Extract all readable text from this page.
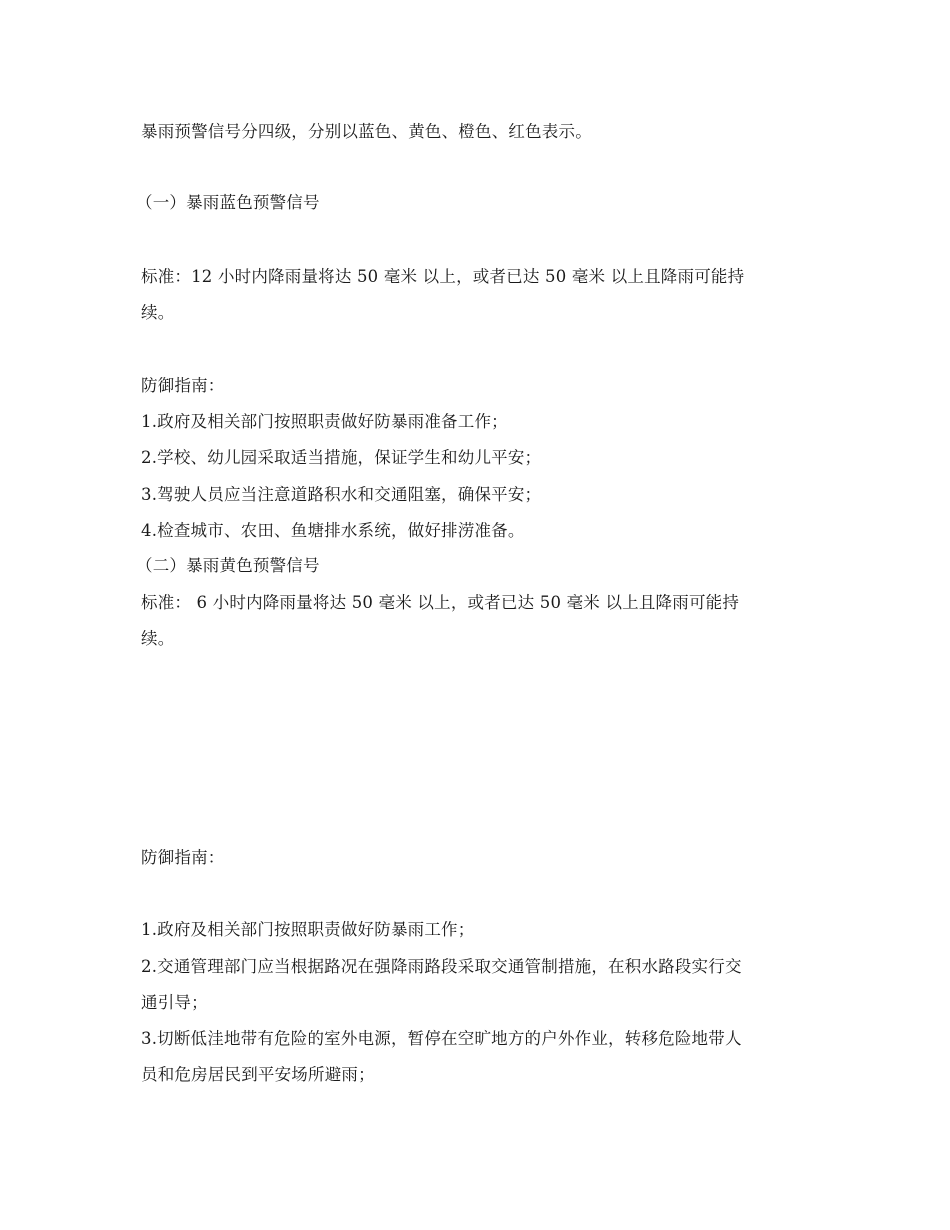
暴雨预警信号分四级，分别以蓝色、黄色、橙色、红色表示。
（一）暴雨蓝色预警信号
标准：12 小时内降雨量将达 50 毫米 以上，或者已达 50 毫米 以上且降雨可能持
续。
防御指南：
1.政府及相关部门按照职责做好防暴雨准备工作；
2.学校、幼儿园采取适当措施，保证学生和幼儿平安；
3.驾驶人员应当注意道路积水和交通阻塞，确保平安；
4.检查城市、农田、鱼塘排水系统，做好排涝准备。
（二）暴雨黄色预警信号
标准： 6 小时内降雨量将达 50 毫米 以上，或者已达 50 毫米 以上且降雨可能持
续。
防御指南：
1.政府及相关部门按照职责做好防暴雨工作；
2.交通管理部门应当根据路况在强降雨路段采取交通管制措施，在积水路段实行交
通引导；
3.切断低洼地带有危险的室外电源，暂停在空旷地方的户外作业，转移危险地带人
员和危房居民到平安场所避雨；
